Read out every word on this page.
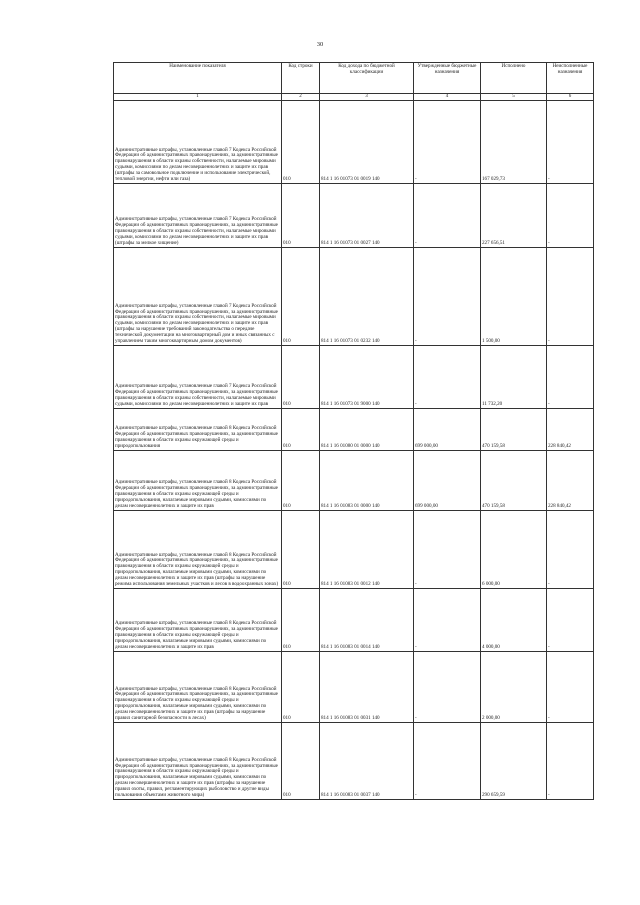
30
Наименование показателя	Код строки	Код дохода по бюджетной классификации	Утвержденные бюджетные назначения	Исполнено	Неисполненные назначения
1	2	3	4	5	6

Административные штрафы, установленные главой 7 Кодекса Российской Федерации об административных правонарушениях, за административные правонарушения в области охраны собственности, налагаемые мировыми судьями, комиссиями по делам несовершеннолетних и защите их прав (штрафы за самовольное подключение и использование электрической, тепловой энергии, нефти или газа)	010	814 1 16 01073 01 0019 140	-	167 029,73	-

Административные штрафы, установленные главой 7 Кодекса Российской Федерации об административных правонарушениях, за административные правонарушения в области охраны собственности, налагаемые мировыми судьями, комиссиями по делам несовершеннолетних и защите их прав (штрафы за мелкое хищение)	010	814 1 16 01073 01 0027 140	-	227 656,51	-

Административные штрафы, установленные главой 7 Кодекса Российской Федерации об административных правонарушениях, за административные правонарушения в области охраны собственности, налагаемые мировыми судьями, комиссиями по делам несовершеннолетних и защите их прав (штрафы за нарушение требований законодательства о передаче технической документации на многоквартирный дом и иных связанных с управлением таким многоквартирным домом документов)	010	814 1 16 01073 01 0232 140	-	1 500,00	-

Административные штрафы, установленные главой 7 Кодекса Российской Федерации об административных правонарушениях, за административные правонарушения в области охраны собственности, налагаемые мировыми судьями, комиссиями по делам несовершеннолетних и защите их прав	010	814 1 16 01073 01 9000 140	-	11 732,20	-

Административные штрафы, установленные главой 8 Кодекса Российской Федерации об административных правонарушениях, за административные правонарушения в области охраны окружающей среды и природопользования	010	814 1 16 01080 01 0000 140	699 000,00	470 159,58	228 840,42

Административные штрафы, установленные главой 8 Кодекса Российской Федерации об административных правонарушениях, за административные правонарушения в области охраны окружающей среды и природопользования, налагаемые мировыми судьями, комиссиями по делам несовершеннолетних и защите их прав	010	814 1 16 01083 01 0000 140	699 000,00	470 159,58	228 840,42

Административные штрафы, установленные главой 8 Кодекса Российской Федерации об административных правонарушениях, за административные правонарушения в области охраны окружающей среды и природопользования, налагаемые мировыми судьями, комиссиями по делам несовершеннолетних и защите их прав (штрафы за нарушение режима использования земельных участков и лесов в водоохранных зонах)	010	814 1 16 01083 01 0012 140	-	6 000,00	-

Административные штрафы, установленные главой 8 Кодекса Российской Федерации об административных правонарушениях, за административные правонарушения в области охраны окружающей среды и природопользования, налагаемые мировыми судьями, комиссиями по делам несовершеннолетних и защите их прав	010	814 1 16 01083 01 0014 140	-	4 000,00	-

Административные штрафы, установленные главой 8 Кодекса Российской Федерации об административных правонарушениях, за административные правонарушения в области охраны окружающей среды и природопользования, налагаемые мировыми судьями, комиссиями по делам несовершеннолетних и защите их прав (штрафы за нарушение правил санитарной безопасности в лесах)	010	814 1 16 01083 01 0031 140	-	2 000,00	-

Административные штрафы, установленные главой 8 Кодекса Российской Федерации об административных правонарушениях, за административные правонарушения в области охраны окружающей среды и природопользования, налагаемые мировыми судьями, комиссиями по делам несовершеннолетних и защите их прав (штрафы за нарушение правил охоты, правил, регламентирующих рыболовство и другие виды пользования объектами животного мира)	010	814 1 16 01083 01 0037 140	-	290 659,59	-
